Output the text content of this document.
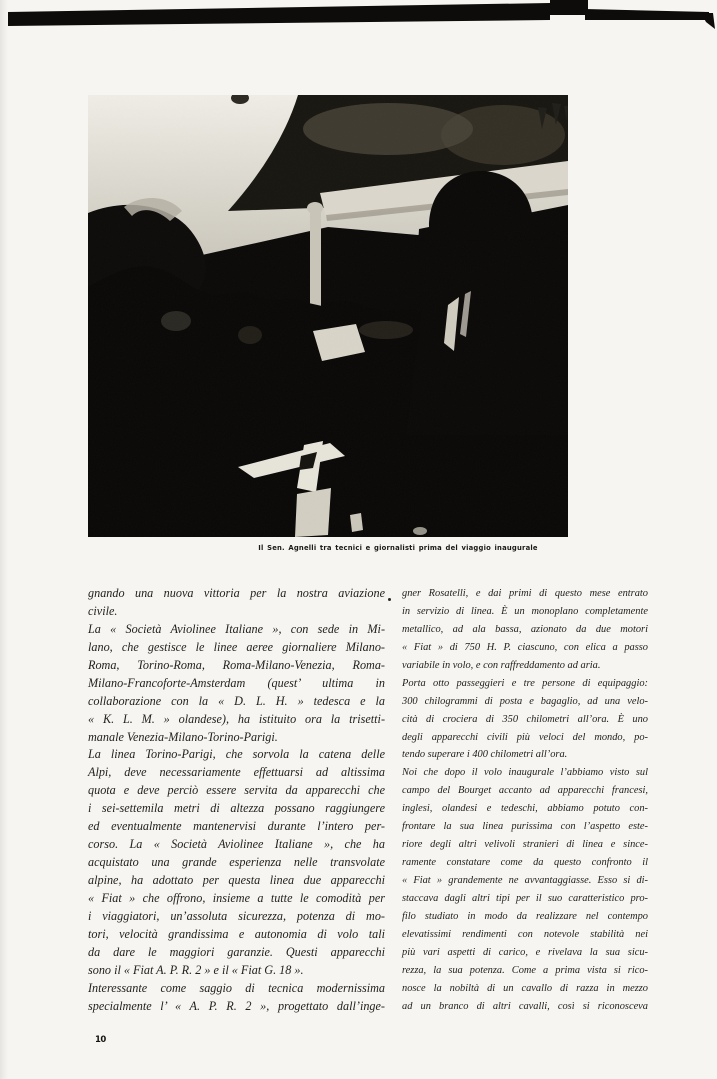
Il Sen. Agnelli tra tecnici e giornalisti prima del viaggio inaugurale
gnando una nuova vittoria per la nostra aviazione
civile.
La « Società Aviolinee Italiane », con sede in Mi-
lano, che gestisce le linee aeree giornaliere Milano-
Roma, Torino-Roma, Roma-Milano-Venezia, Roma-
Milano-Francoforte-Amsterdam (quest’ ultima in
collaborazione con la « D. L. H. » tedesca e la
« K. L. M. » olandese), ha istituito ora la trisetti-
manale Venezia-Milano-Torino-Parigi.
La linea Torino-Parigi, che sorvola la catena delle
Alpi, deve necessariamente effettuarsi ad altissima
quota e deve perciò essere servita da apparecchi che
i sei-settemila metri di altezza possano raggiungere
ed eventualmente mantenervisi durante l’intero per-
corso. La « Società Aviolinee Italiane », che ha
acquistato una grande esperienza nelle transvolate
alpine, ha adottato per questa linea due apparecchi
« Fiat » che offrono, insieme a tutte le comodità per
i viaggiatori, un’assoluta sicurezza, potenza di mo-
tori, velocità grandissima e autonomia di volo tali
da dare le maggiori garanzie. Questi apparecchi
sono il « Fiat A. P. R. 2 » e il « Fiat G. 18 ».
Interessante come saggio di tecnica modernissima
specialmente l’ « A. P. R. 2 », progettato dall’inge-
gner Rosatelli, e dai primi di questo mese entrato
in servizio di linea. È un monoplano completamente
metallico, ad ala bassa, azionato da due motori
« Fiat » di 750 H. P. ciascuno, con elica a passo
variabile in volo, e con raffreddamento ad aria.
Porta otto passeggieri e tre persone di equipaggio:
300 chilogrammi di posta e bagaglio, ad una velo-
cità di crociera di 350 chilometri all’ora. È uno
degli apparecchi civili più veloci del mondo, po-
tendo superare i 400 chilometri all’ora.
Noi che dopo il volo inaugurale l’abbiamo visto sul
campo del Bourget accanto ad apparecchi francesi,
inglesi, olandesi e tedeschi, abbiamo potuto con-
frontare la sua linea purissima con l’aspetto este-
riore degli altri velivoli stranieri di linea e since-
ramente constatare come da questo confronto il
« Fiat » grandemente ne avvantaggiasse. Esso si di-
staccava dagli altri tipi per il suo caratteristico pro-
filo studiato in modo da realizzare nel contempo
elevatissimi rendimenti con notevole stabilità nei
più vari aspetti di carico, e rivelava la sua sicu-
rezza, la sua potenza. Come a prima vista si rico-
nosce la nobiltà di un cavallo di razza in mezzo
ad un branco di altri cavalli, così si riconosceva
10
